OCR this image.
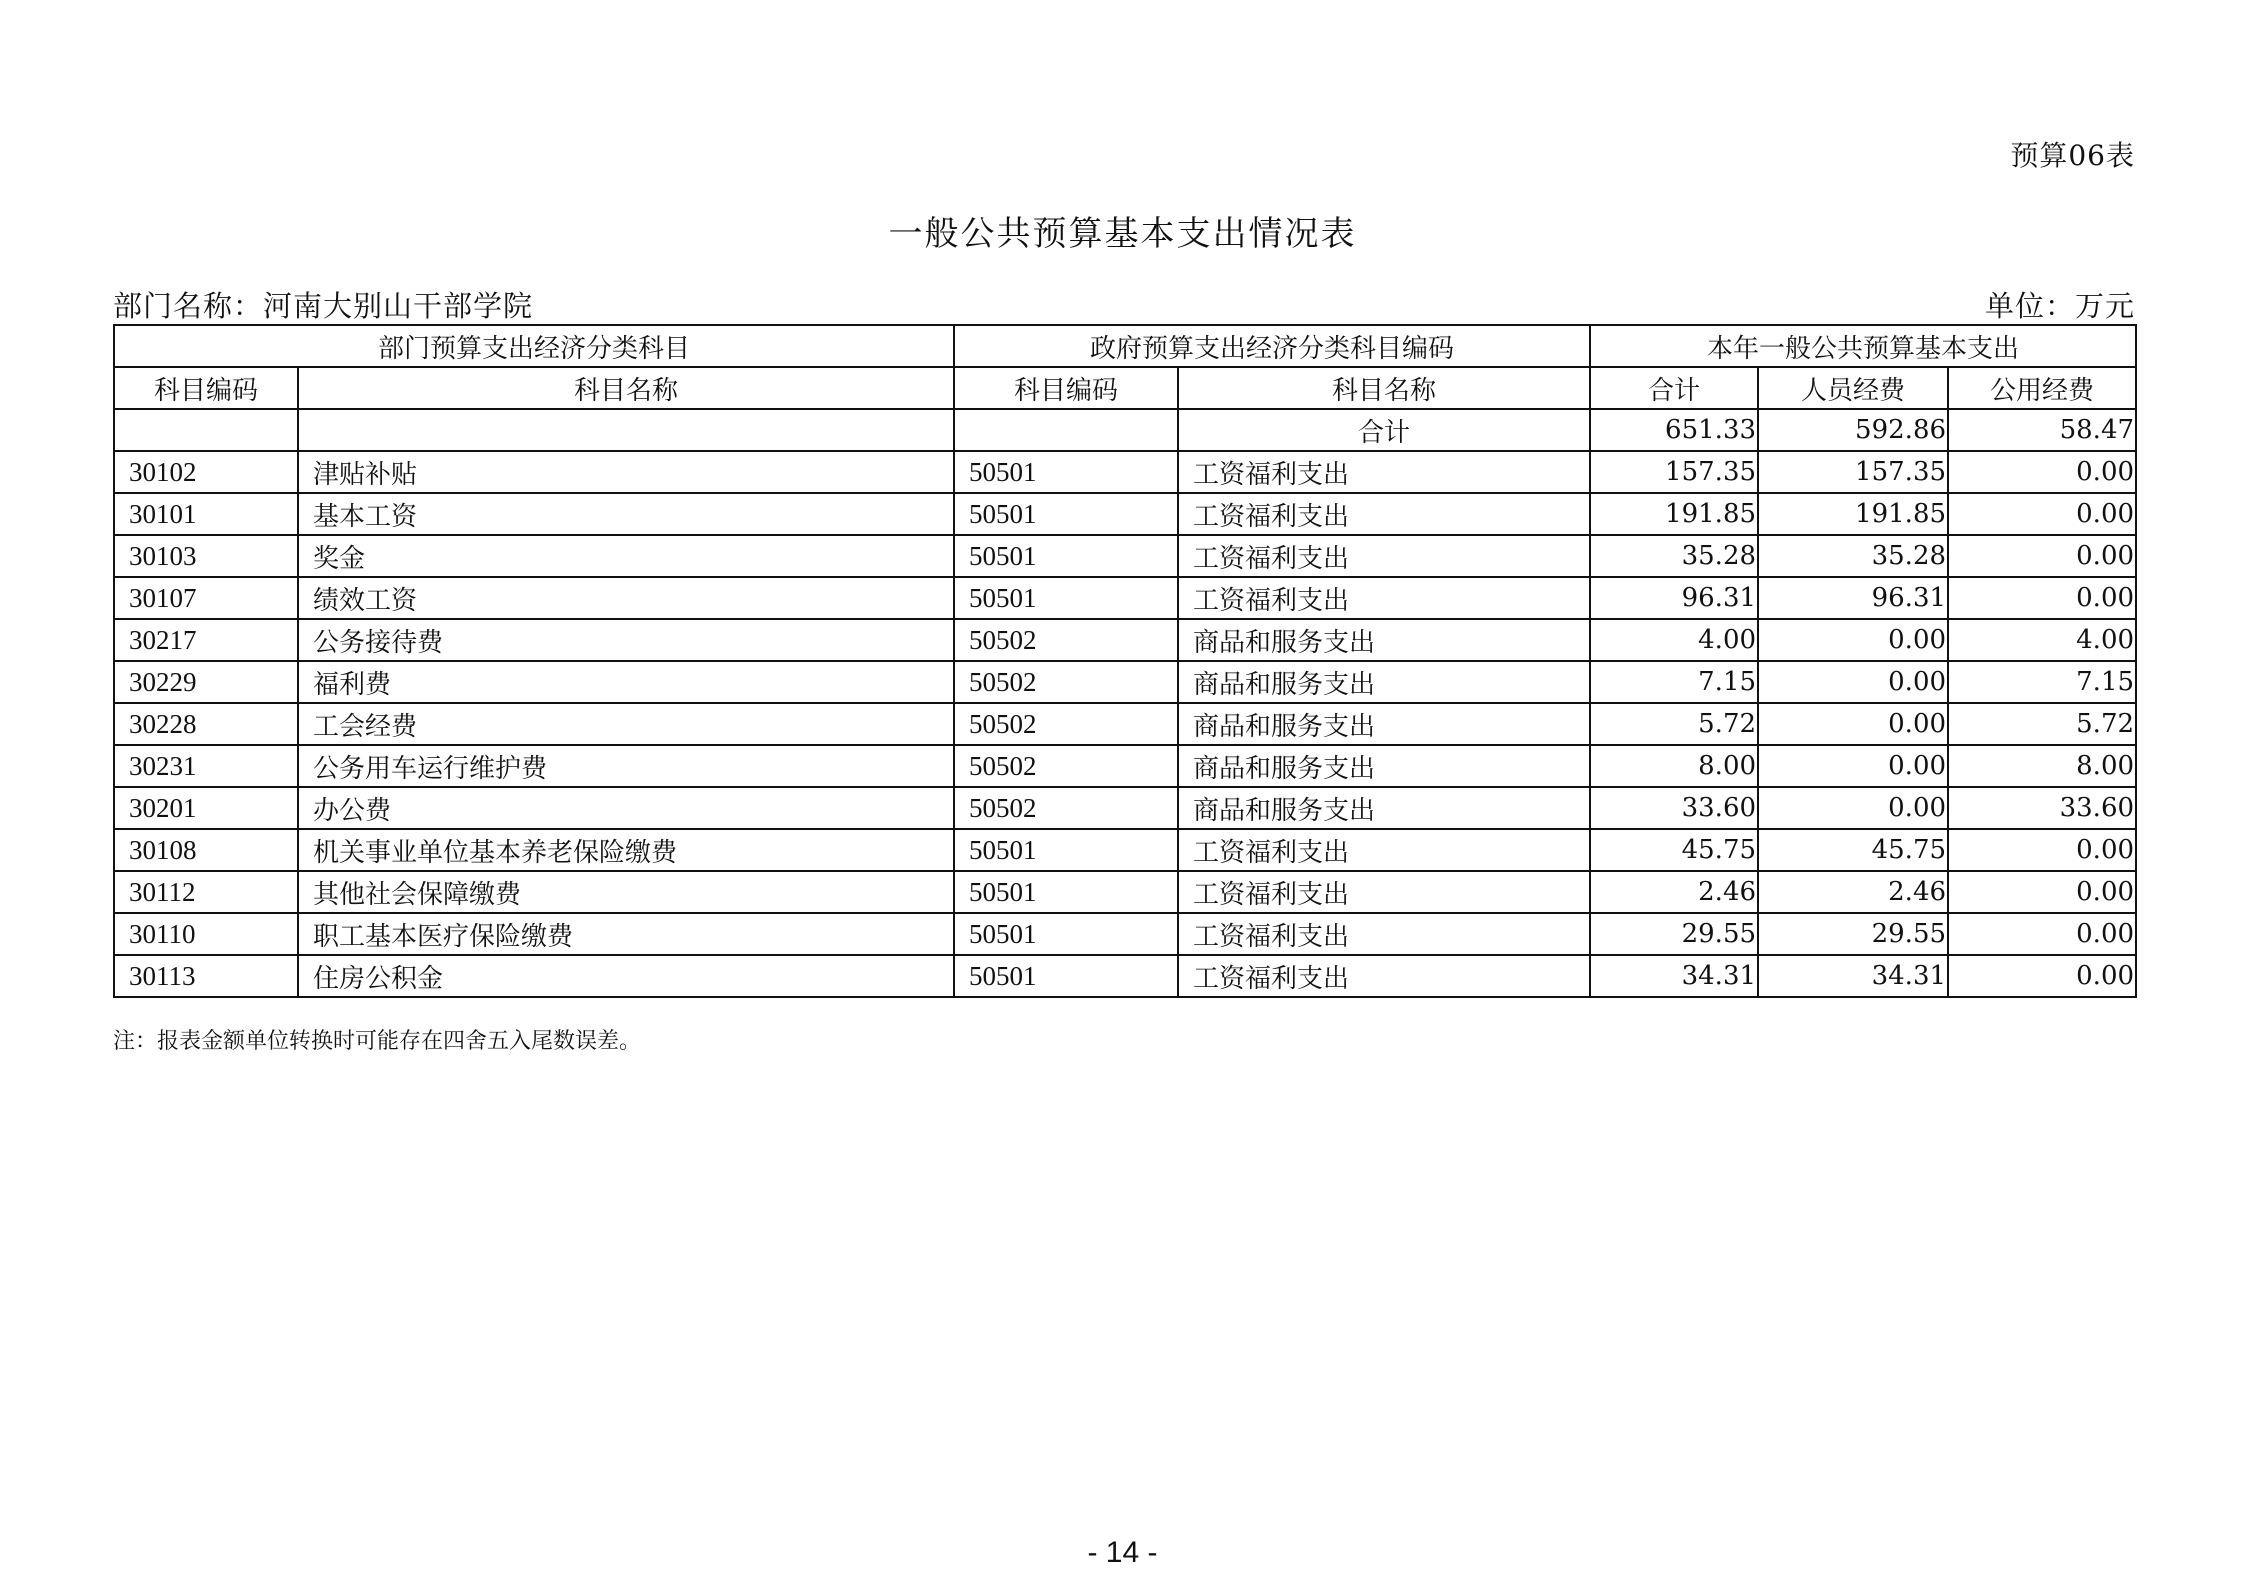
预算06表
一般公共预算基本支出情况表
部门名称：河南大别山干部学院	单位：万元
部门预算支出经济分类科目		政府预算支出经济分类科目编码		本年一般公共预算基本支出		
科目编码	科目名称	科目编码	科目名称	合计	人员经费	公用经费
			合计	651.33	592.86	58.47
30102	津贴补贴	50501	工资福利支出	157.35	157.35	0.00
30101	基本工资	50501	工资福利支出	191.85	191.85	0.00
30103	奖金	50501	工资福利支出	35.28	35.28	0.00
30107	绩效工资	50501	工资福利支出	96.31	96.31	0.00
30217	公务接待费	50502	商品和服务支出	4.00	0.00	4.00
30229	福利费	50502	商品和服务支出	7.15	0.00	7.15
30228	工会经费	50502	商品和服务支出	5.72	0.00	5.72
30231	公务用车运行维护费	50502	商品和服务支出	8.00	0.00	8.00
30201	办公费	50502	商品和服务支出	33.60	0.00	33.60
30108	机关事业单位基本养老保险缴费	50501	工资福利支出	45.75	45.75	0.00
30112	其他社会保障缴费	50501	工资福利支出	2.46	2.46	0.00
30110	职工基本医疗保险缴费	50501	工资福利支出	29.55	29.55	0.00
30113	住房公积金	50501	工资福利支出	34.31	34.31	0.00
注：报表金额单位转换时可能存在四舍五入尾数误差。
- 14 -
